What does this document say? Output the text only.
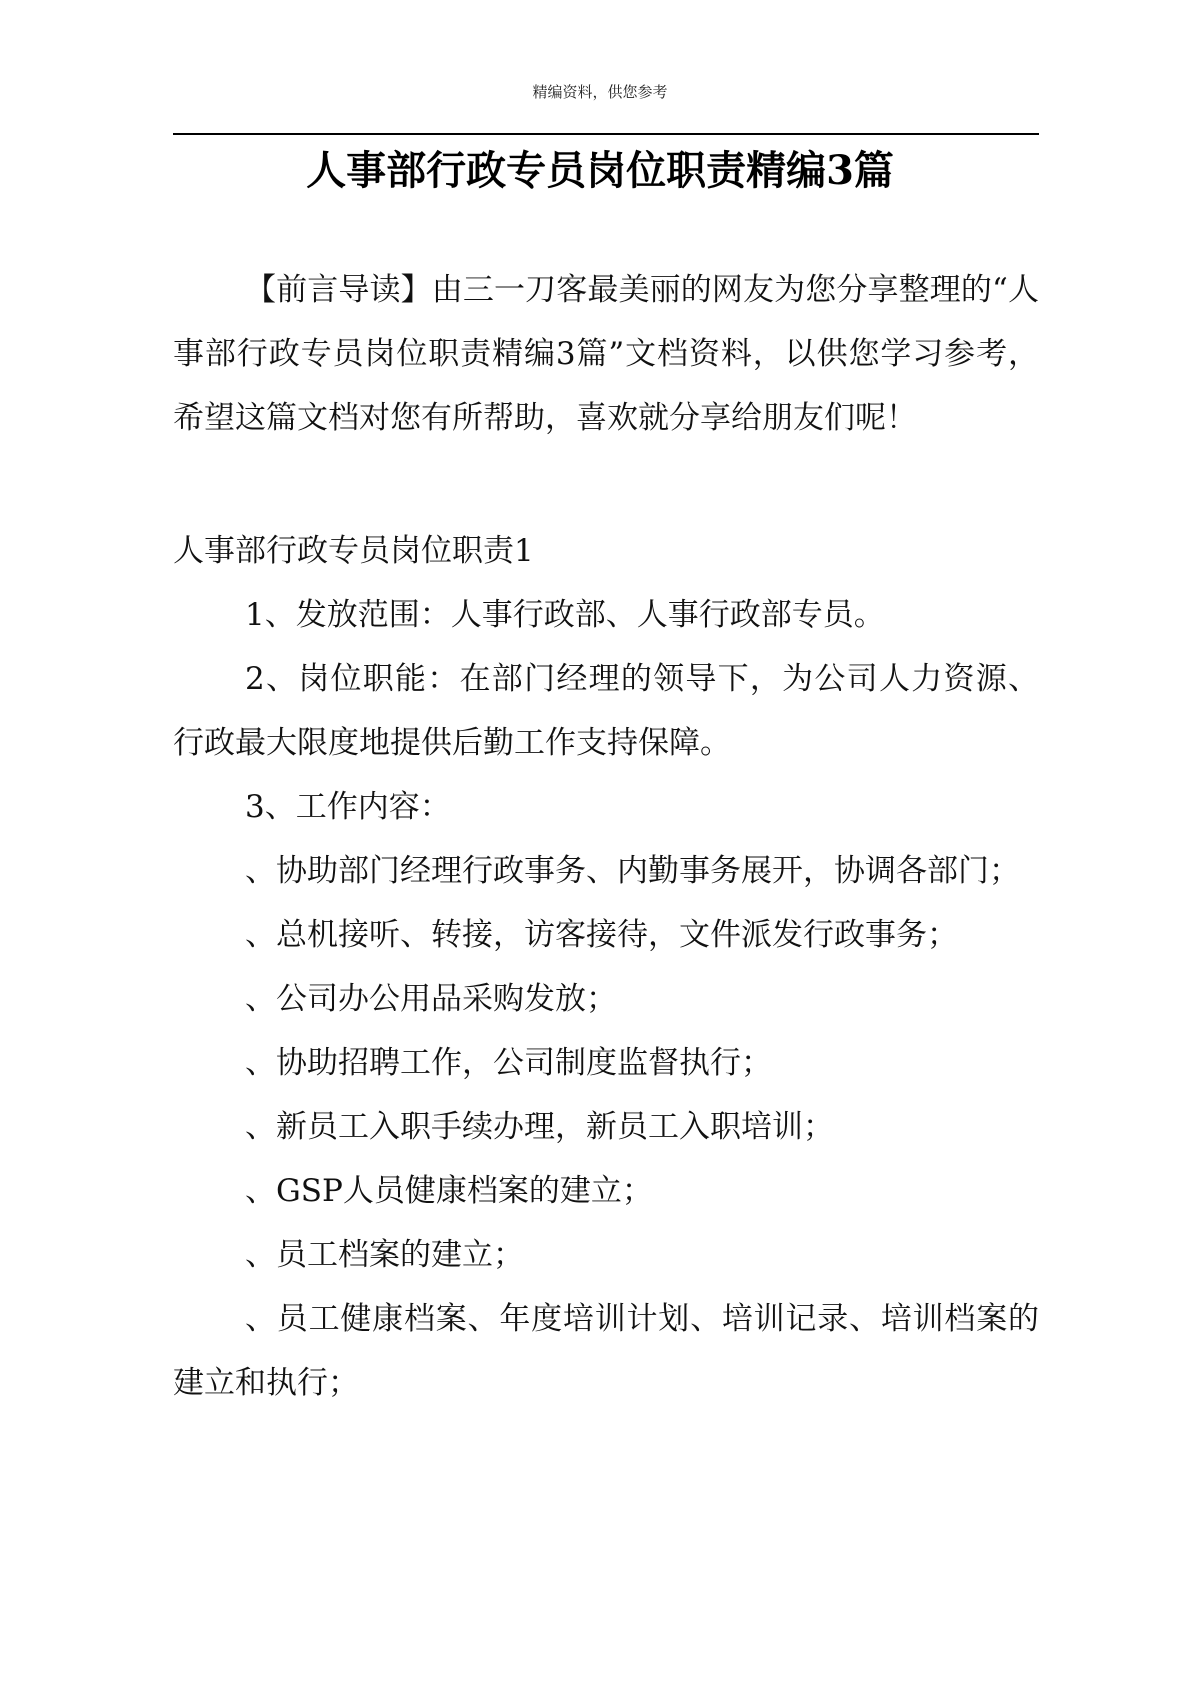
精编资料，供您参考
人事部行政专员岗位职责精编3篇

【前言导读】由三一刀客最美丽的网友为您分享整理的“人事部行政专员岗位职责精编3篇”文档资料，以供您学习参考，希望这篇文档对您有所帮助，喜欢就分享给朋友们呢！

人事部行政专员岗位职责1

1、发放范围：人事行政部、人事行政部专员。

2、岗位职能：在部门经理的领导下，为公司人力资源、行政最大限度地提供后勤工作支持保障。

3、工作内容：

、协助部门经理行政事务、内勤事务展开，协调各部门；

、总机接听、转接，访客接待，文件派发行政事务；

、公司办公用品采购发放；

、协助招聘工作，公司制度监督执行；

、新员工入职手续办理，新员工入职培训；

、GSP人员健康档案的建立；

、员工档案的建立；

、员工健康档案、年度培训计划、培训记录、培训档案的建立和执行；
